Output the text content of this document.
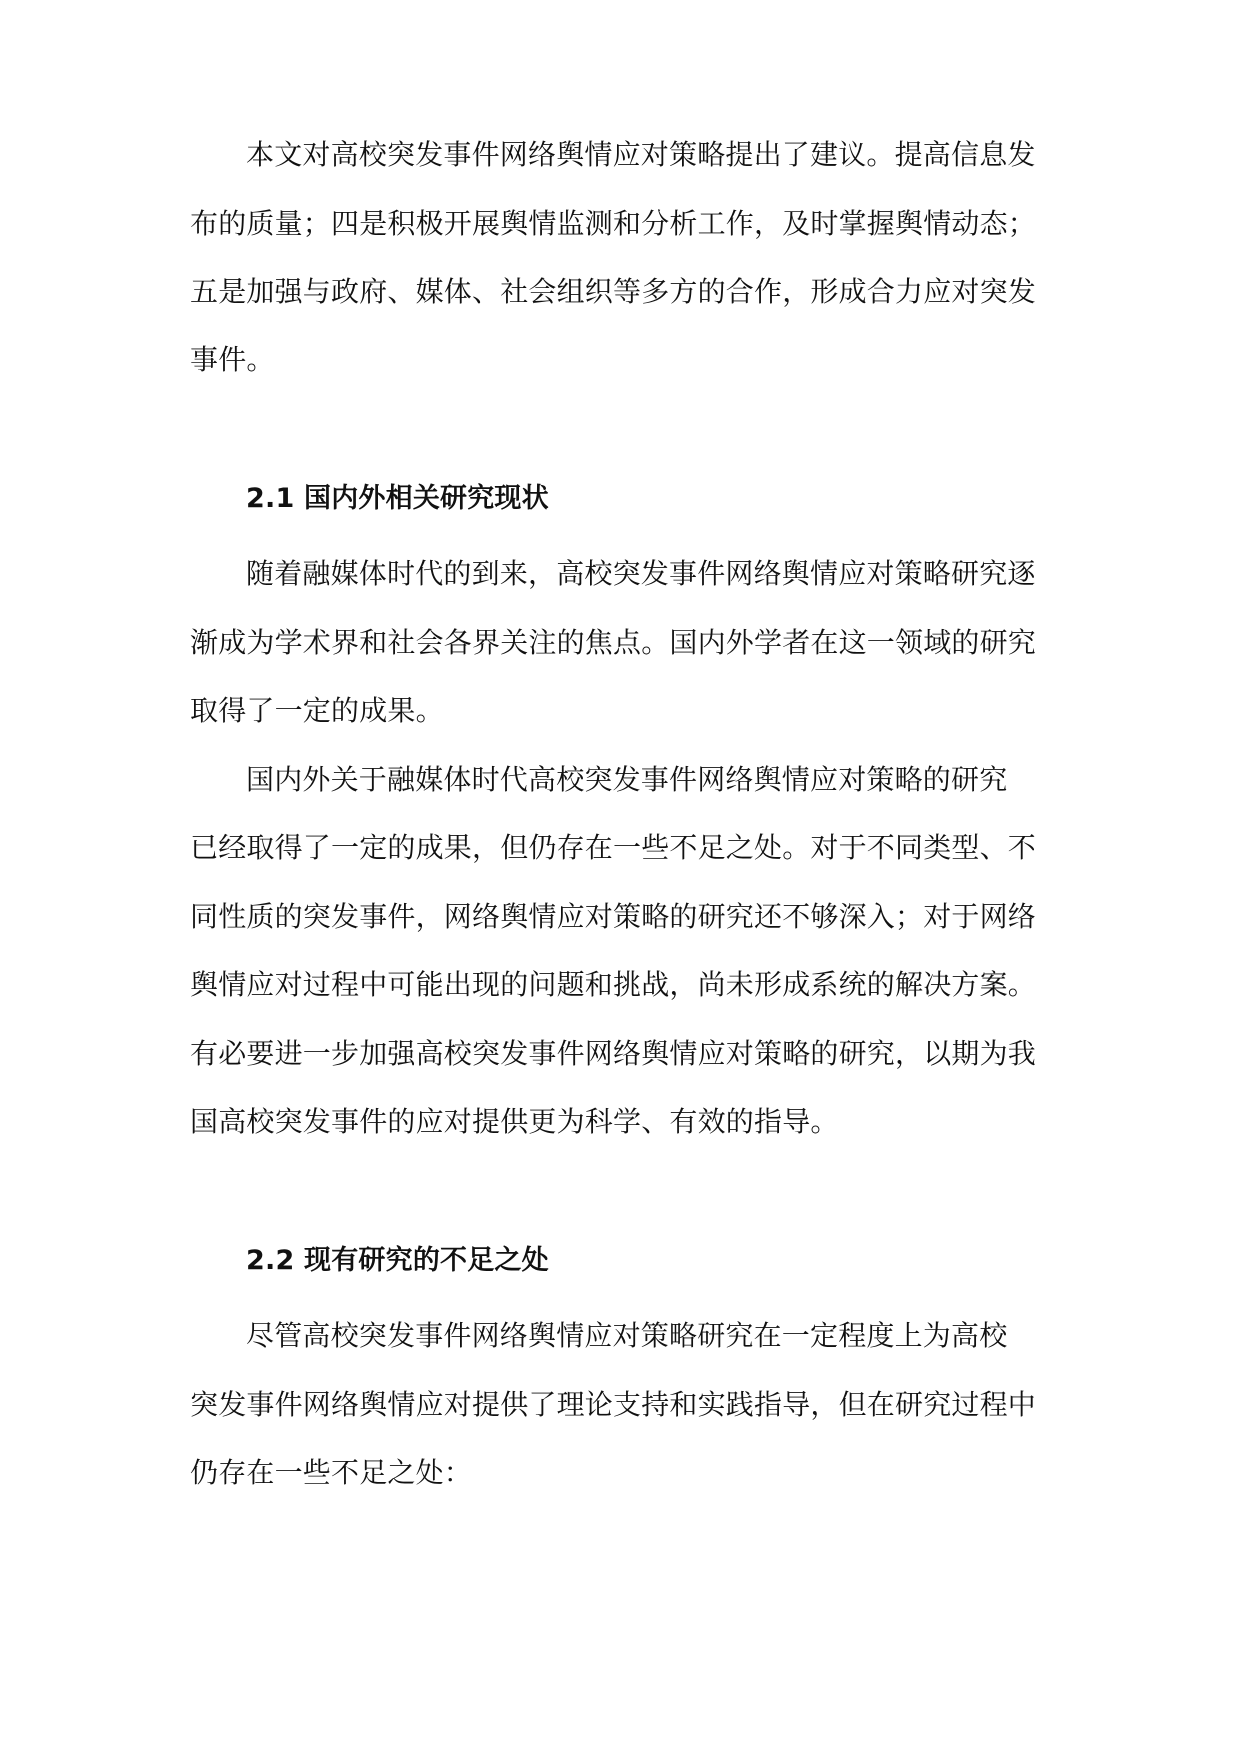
本文对高校突发事件网络舆情应对策略提出了建议。提高信息发
布的质量；四是积极开展舆情监测和分析工作，及时掌握舆情动态；
五是加强与政府、媒体、社会组织等多方的合作，形成合力应对突发
事件。
2.1 国内外相关研究现状
随着融媒体时代的到来，高校突发事件网络舆情应对策略研究逐
渐成为学术界和社会各界关注的焦点。国内外学者在这一领域的研究
取得了一定的成果。
国内外关于融媒体时代高校突发事件网络舆情应对策略的研究
已经取得了一定的成果，但仍存在一些不足之处。对于不同类型、不
同性质的突发事件，网络舆情应对策略的研究还不够深入；对于网络
舆情应对过程中可能出现的问题和挑战，尚未形成系统的解决方案。
有必要进一步加强高校突发事件网络舆情应对策略的研究，以期为我
国高校突发事件的应对提供更为科学、有效的指导。
2.2 现有研究的不足之处
尽管高校突发事件网络舆情应对策略研究在一定程度上为高校
突发事件网络舆情应对提供了理论支持和实践指导，但在研究过程中
仍存在一些不足之处：
